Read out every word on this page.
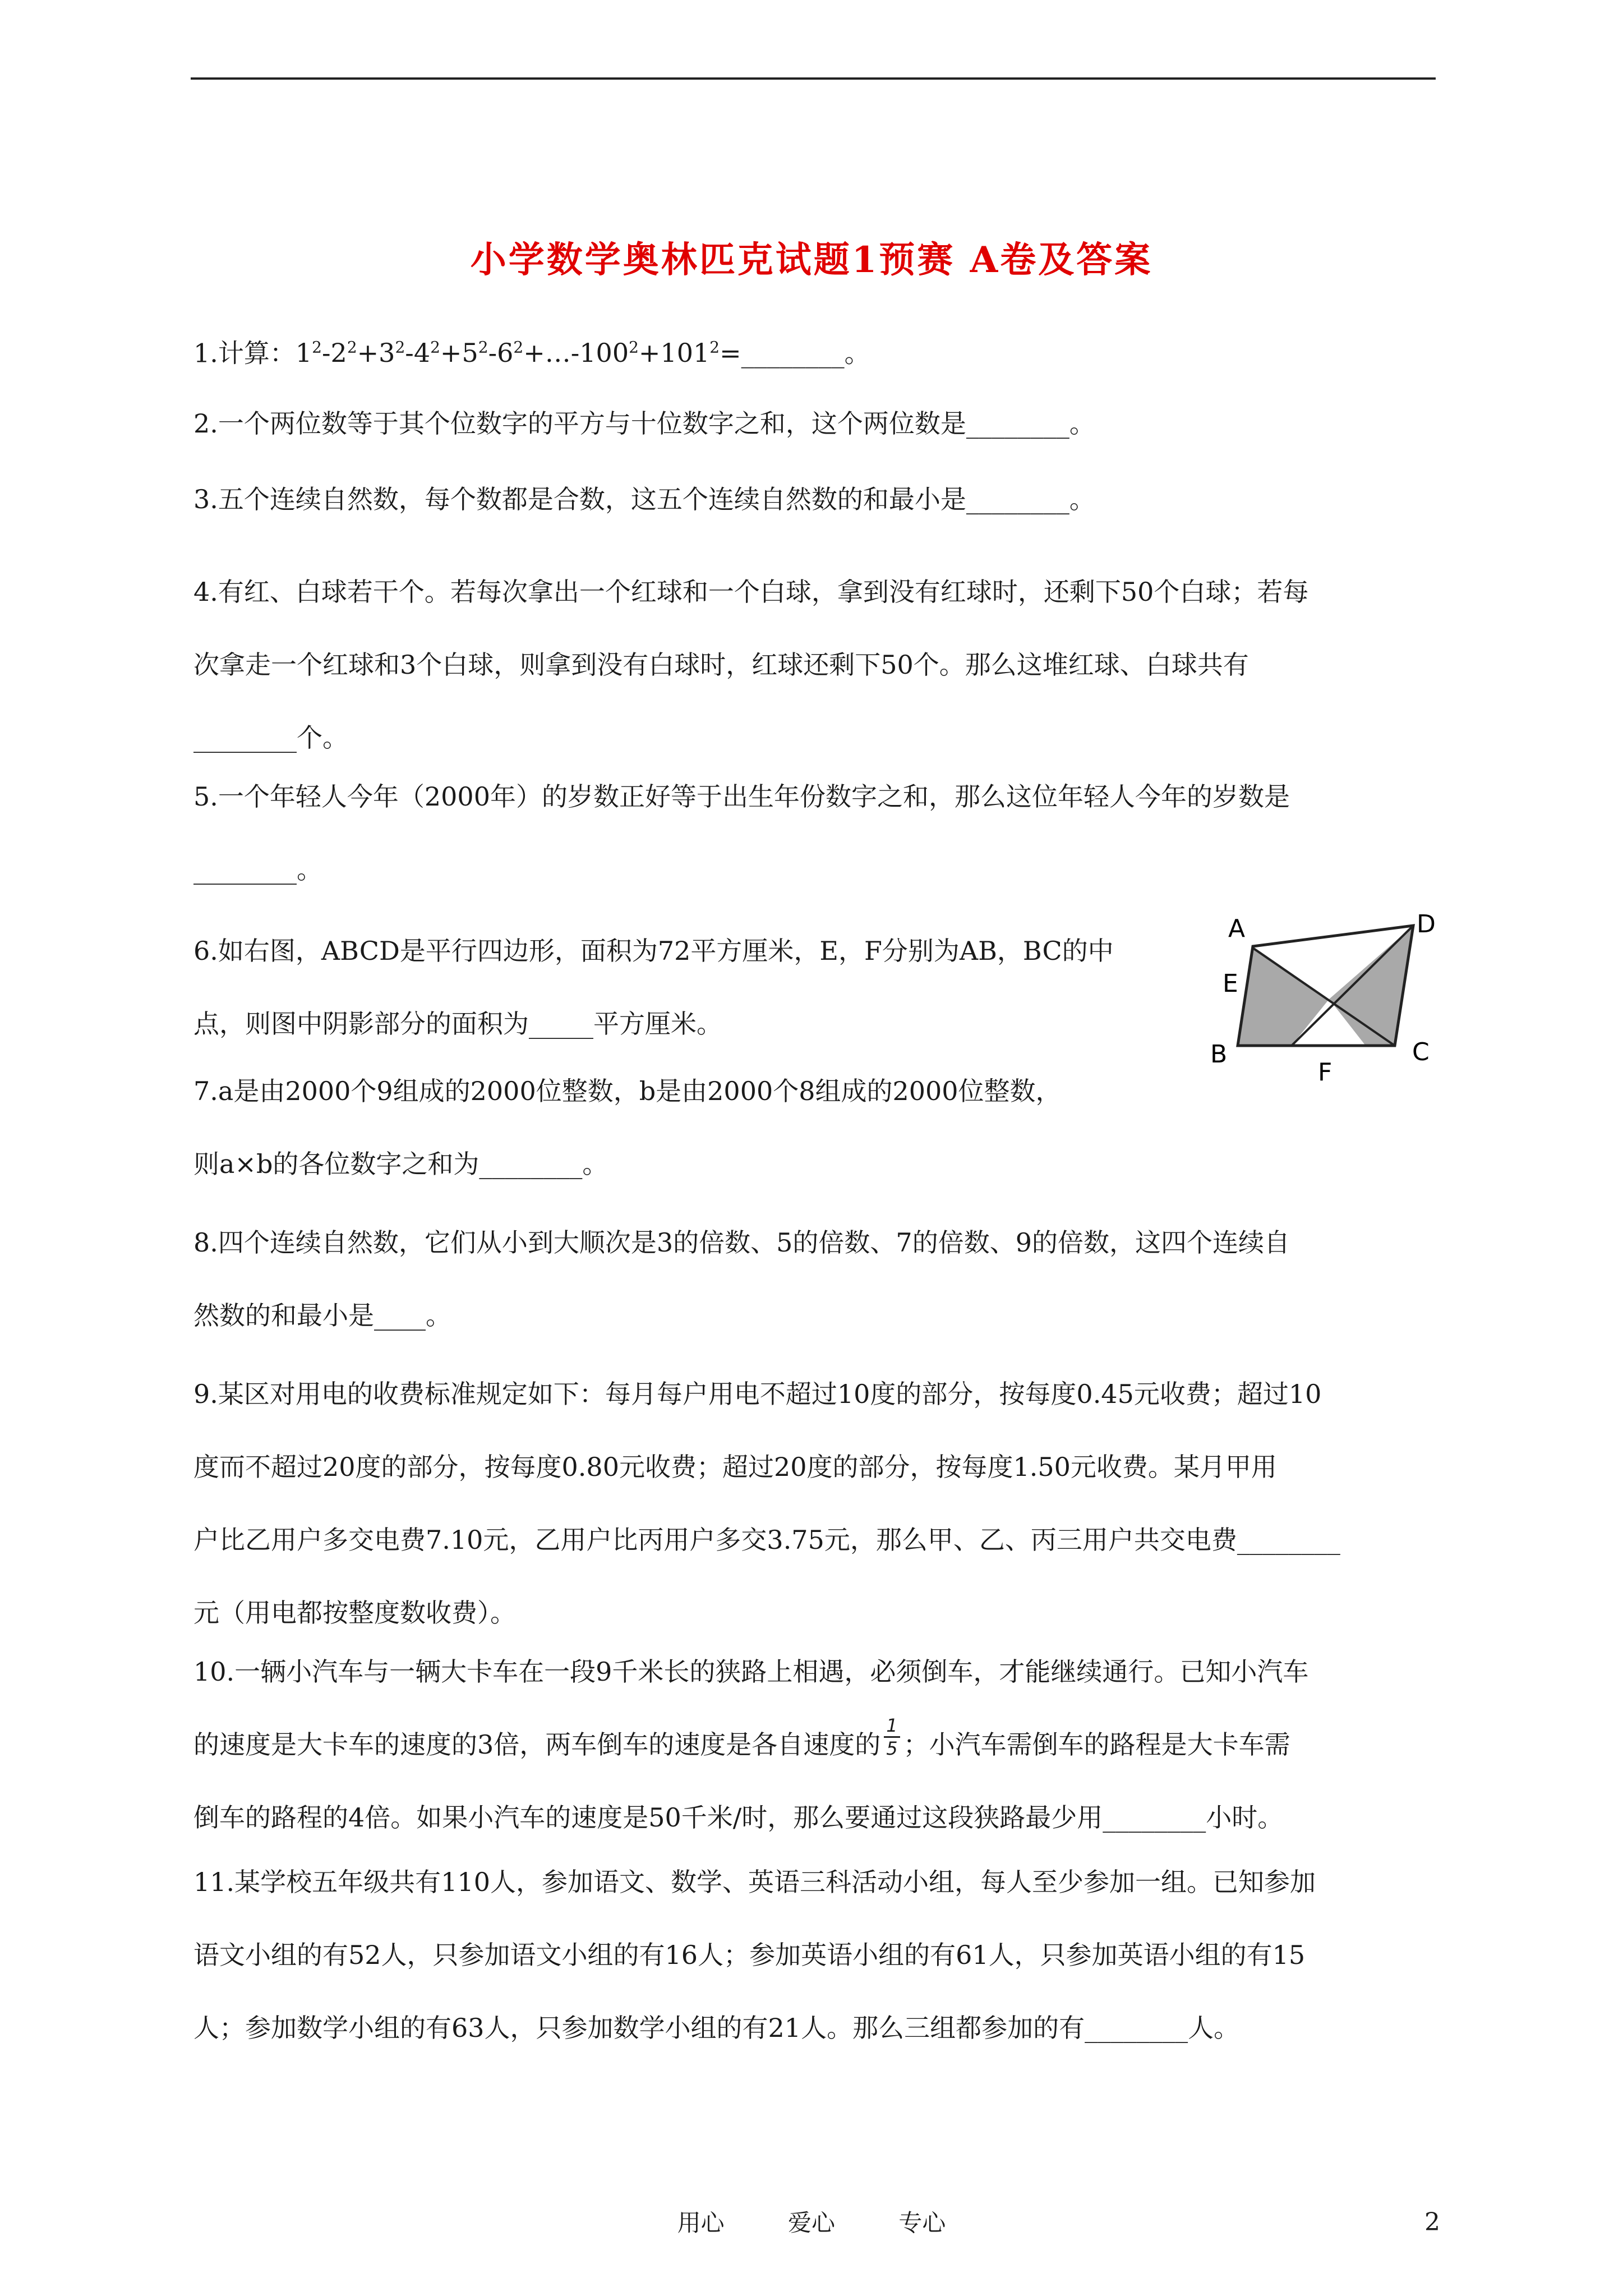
小学数学奥林匹克试题1预赛 A卷及答案
1.计算：$1^2-2^2+3^2-4^2+5^2-6^2+\dots-100^2+101^2=\_\_\_\_\_\_\_\_$。
2.一个两位数等于其个位数字的平方与十位数字之和，这个两位数是________。
3.五个连续自然数，每个数都是合数，这五个连续自然数的和最小是________。
4.有红、白球若干个。若每次拿出一个红球和一个白球，拿到没有红球时，还剩下50个白球；若每
次拿走一个红球和3个白球，则拿到没有白球时，红球还剩下50个。那么这堆红球、白球共有
________个。
5.一个年轻人今年（2000年）的岁数正好等于出生年份数字之和，那么这位年轻人今年的岁数是
________。
6.如右图，ABCD是平行四边形，面积为72平方厘米，E，F分别为AB，BC的中
点，则图中阴影部分的面积为_____平方厘米。
A	D
E
B	C
F
7.a是由2000个9组成的2000位整数，b是由2000个8组成的2000位整数，
则a×b的各位数字之和为________。
8.四个连续自然数，它们从小到大顺次是3的倍数、5的倍数、7的倍数、9的倍数，这四个连续自
然数的和最小是____。
9.某区对用电的收费标准规定如下：每月每户用电不超过10度的部分，按每度0.45元收费；超过10
度而不超过20度的部分，按每度0.80元收费；超过20度的部分，按每度1.50元收费。某月甲用
户比乙用户多交电费7.10元，乙用户比丙用户多交3.75元，那么甲、乙、丙三用户共交电费________
元（用电都按整度数收费）。
10.一辆小汽车与一辆大卡车在一段9千米长的狭路上相遇，必须倒车，才能继续通行。已知小汽车
的速度是大卡车的速度的3倍，两车倒车的速度是各自速度的 $\frac{1}{5}$ ；小汽车需倒车的路程是大卡车需
倒车的路程的4倍。如果小汽车的速度是50千米/时，那么要通过这段狭路最少用________小时。
11.某学校五年级共有110人，参加语文、数学、英语三科活动小组，每人至少参加一组。已知参加
语文小组的有52人，只参加语文小组的有16人；参加英语小组的有61人，只参加英语小组的有15
人；参加数学小组的有63人，只参加数学小组的有21人。那么三组都参加的有________人。
用心 爱心 专心	2
